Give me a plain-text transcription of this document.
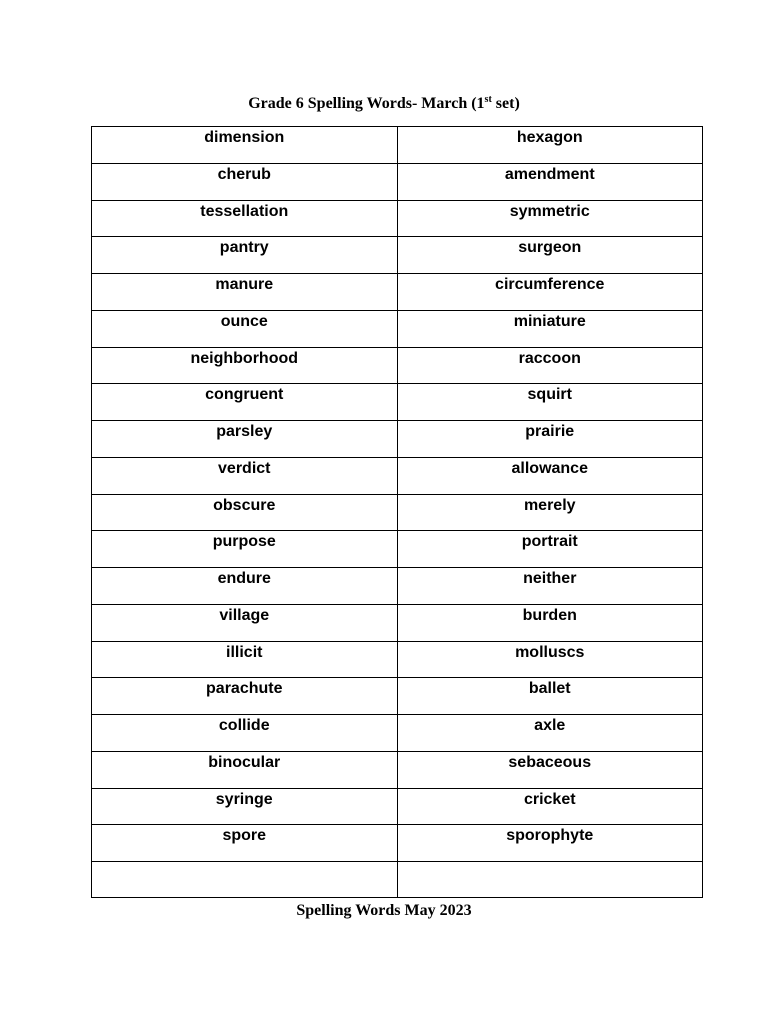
Grade 6 Spelling Words- March (1st set)
dimension	hexagon
cherub	amendment
tessellation	symmetric
pantry	surgeon
manure	circumference
ounce	miniature
neighborhood	raccoon
congruent	squirt
parsley	prairie
verdict	allowance
obscure	merely
purpose	portrait
endure	neither
village	burden
illicit	molluscs
parachute	ballet
collide	axle
binocular	sebaceous
syringe	cricket
spore	sporophyte

Spelling Words May 2023
